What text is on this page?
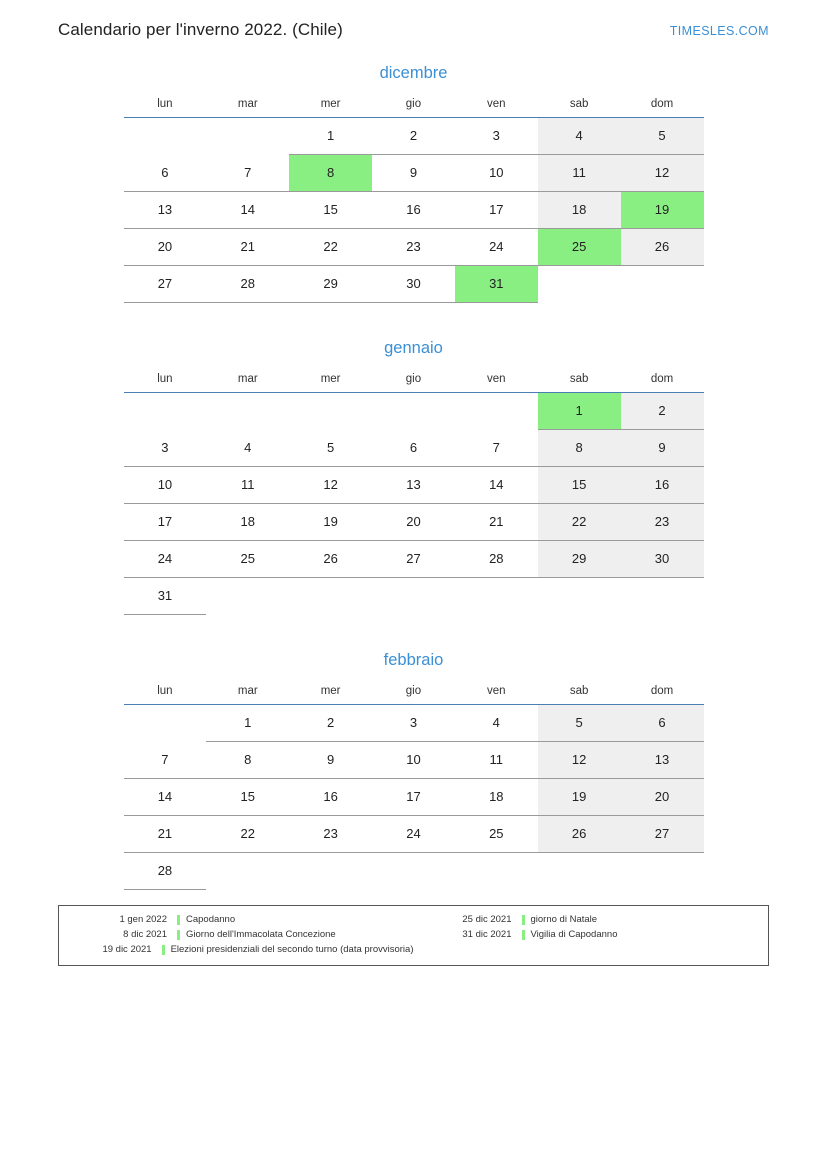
Calendario per l'inverno 2022. (Chile)	TIMESLES.COM
dicembre
lun	mar	mer	gio	ven	sab	dom

		1	2	3	4	5

6	7	8	9	10	11	12

13	14	15	16	17	18	19

20	21	22	23	24	25	26

27	28	29	30	31		

gennaio
lun	mar	mer	gio	ven	sab	dom

					1	2

3	4	5	6	7	8	9

10	11	12	13	14	15	16

17	18	19	20	21	22	23

24	25	26	27	28	29	30

31						

febbraio
lun	mar	mer	gio	ven	sab	dom

	1	2	3	4	5	6

7	8	9	10	11	12	13

14	15	16	17	18	19	20

21	22	23	24	25	26	27

28						

1 gen 2022	Capodanno
8 dic 2021	Giorno dell'Immacolata Concezione
19 dic 2021	Elezioni presidenziali del secondo turno (data provvisoria)
25 dic 2021	giorno di Natale
31 dic 2021	Vigilia di Capodanno
